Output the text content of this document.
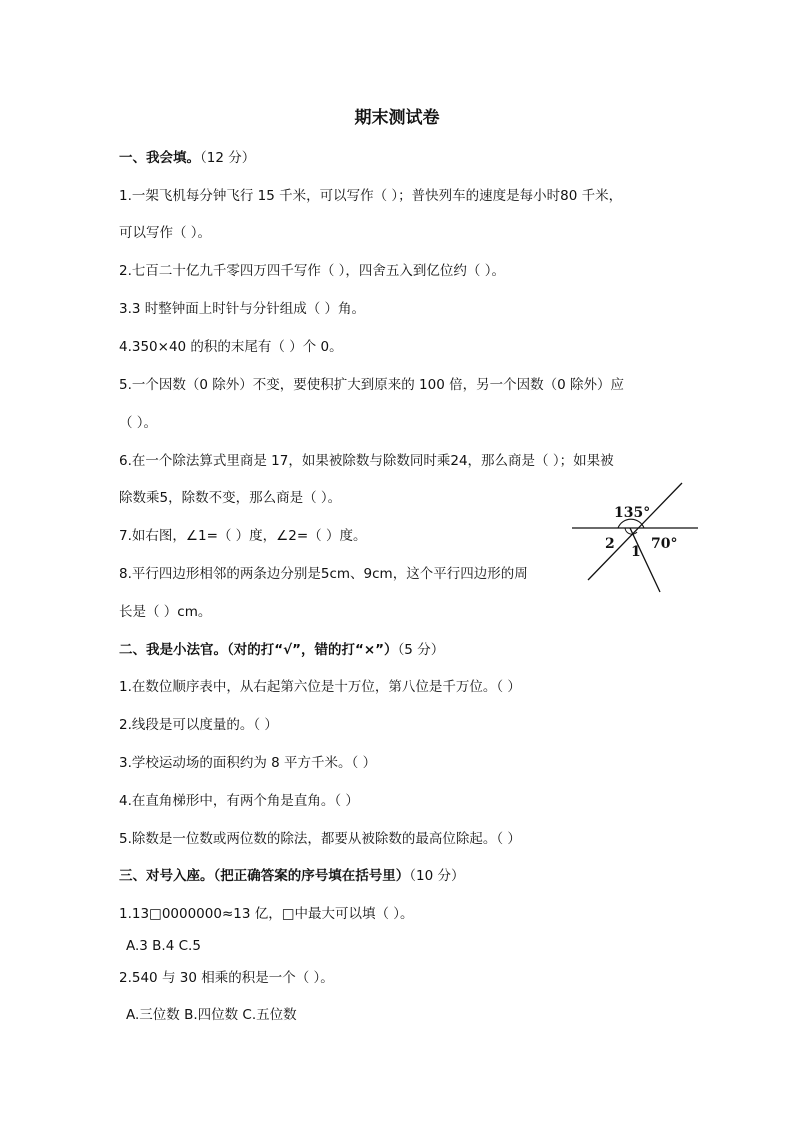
期末测试卷
一、我会填。（12 分）
1.一架飞机每分钟飞行 15 千米，可以写作（ ）；普快列车的速度是每小时80 千米，
可以写作（ ）。
2.七百二十亿九千零四万四千写作（ ），四舍五入到亿位约（ ）。
3.3 时整钟面上时针与分针组成（ ）角。
4.350×40 的积的末尾有（ ）个 0。
5.一个因数（0 除外）不变，要使积扩大到原来的 100 倍，另一个因数（0 除外）应
（ ）。
6.在一个除法算式里商是 17，如果被除数与除数同时乘24，那么商是（ ）；如果被
除数乘5，除数不变，那么商是（ ）。
7.如右图，∠1=（ ）度，∠2=（ ）度。
8.平行四边形相邻的两条边分别是5cm、9cm，这个平行四边形的周
长是（ ）cm。
135°
70°
1
2
二、我是小法官。（对的打“√”，错的打“×”）（5 分）
1.在数位顺序表中，从右起第六位是十万位，第八位是千万位。（ ）
2.线段是可以度量的。（ ）
3.学校运动场的面积约为 8 平方千米。（ ）
4.在直角梯形中，有两个角是直角。（ ）
5.除数是一位数或两位数的除法，都要从被除数的最高位除起。（ ）
三、对号入座。（把正确答案的序号填在括号里）（10 分）
1.13□0000000≈13 亿，□中最大可以填（ ）。
A.3 B.4 C.5
2.540 与 30 相乘的积是一个（ ）。
A.三位数 B.四位数 C.五位数
